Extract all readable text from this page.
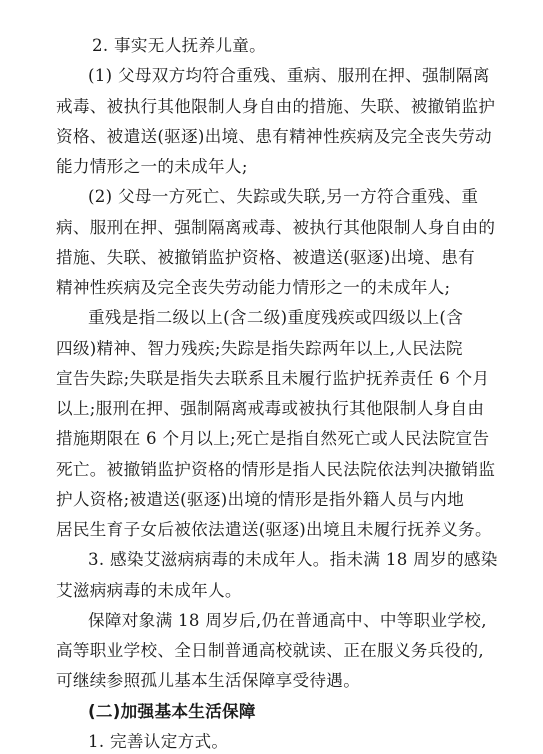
2. 事实无人抚养儿童。
(1) 父母双方均符合重残、重病、服刑在押、强制隔离
戒毒、被执行其他限制人身自由的措施、失联、被撤销监护
资格、被遣送(驱逐)出境、患有精神性疾病及完全丧失劳动
能力情形之一的未成年人;
(2) 父母一方死亡、失踪或失联,另一方符合重残、重
病、服刑在押、强制隔离戒毒、被执行其他限制人身自由的
措施、失联、被撤销监护资格、被遣送(驱逐)出境、患有
精神性疾病及完全丧失劳动能力情形之一的未成年人;
重残是指二级以上(含二级)重度残疾或四级以上(含
四级)精神、智力残疾;失踪是指失踪两年以上,人民法院
宣告失踪;失联是指失去联系且未履行监护抚养责任 6 个月
以上;服刑在押、强制隔离戒毒或被执行其他限制人身自由
措施期限在 6 个月以上;死亡是指自然死亡或人民法院宣告
死亡。被撤销监护资格的情形是指人民法院依法判决撤销监
护人资格;被遣送(驱逐)出境的情形是指外籍人员与内地
居民生育子女后被依法遣送(驱逐)出境且未履行抚养义务。
3. 感染艾滋病病毒的未成年人。指未满 18 周岁的感染
艾滋病病毒的未成年人。
保障对象满 18 周岁后,仍在普通高中、中等职业学校,
高等职业学校、全日制普通高校就读、正在服义务兵役的,
可继续参照孤儿基本生活保障享受待遇。
(二)加强基本生活保障
1. 完善认定方式。
